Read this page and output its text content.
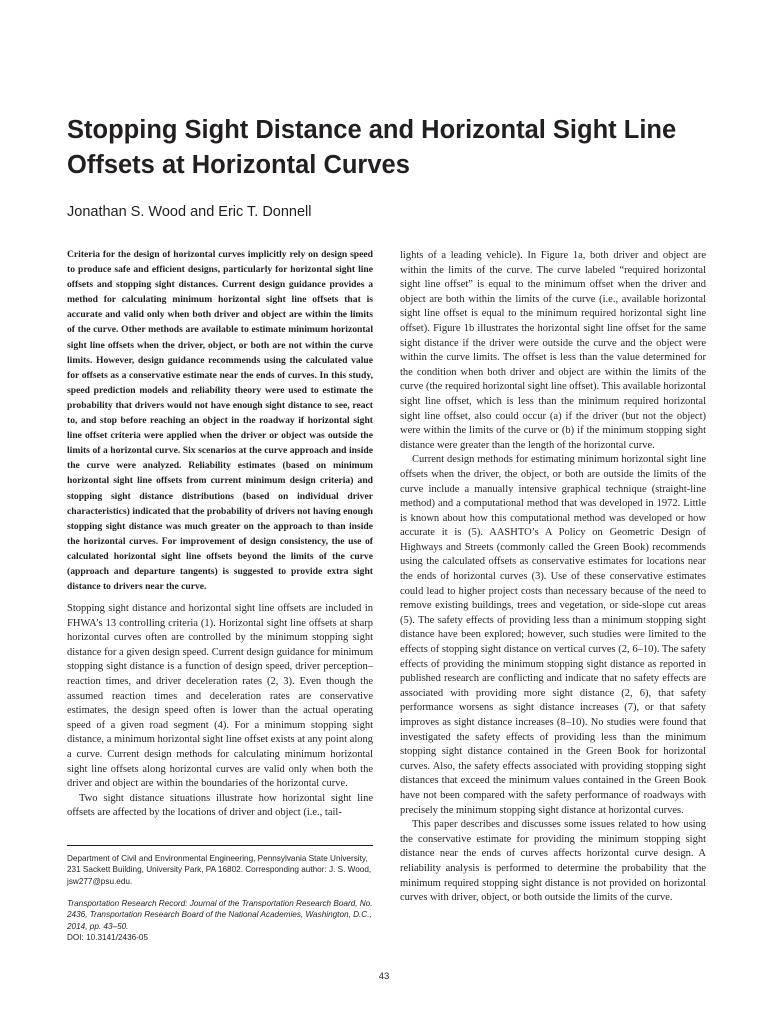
Stopping Sight Distance and Horizontal Sight Line Offsets at Horizontal Curves

Jonathan S. Wood and Eric T. Donnell

Criteria for the design of horizontal curves implicitly rely on design speed to produce safe and efficient designs, particularly for horizontal sight line offsets and stopping sight distances. Current design guidance provides a method for calculating minimum horizontal sight line offsets that is accurate and valid only when both driver and object are within the limits of the curve. Other methods are available to estimate minimum horizontal sight line offsets when the driver, object, or both are not within the curve limits. However, design guidance recommends using the calculated value for offsets as a conservative estimate near the ends of curves. In this study, speed prediction models and reliability theory were used to estimate the probability that drivers would not have enough sight distance to see, react to, and stop before reaching an object in the roadway if horizontal sight line offset criteria were applied when the driver or object was outside the limits of a horizontal curve. Six scenarios at the curve approach and inside the curve were analyzed. Reliability estimates (based on minimum horizontal sight line offsets from current minimum design criteria) and stopping sight distance distributions (based on individual driver characteristics) indicated that the probability of drivers not having enough stopping sight distance was much greater on the approach to than inside the horizontal curves. For improvement of design consistency, the use of calculated horizontal sight line offsets beyond the limits of the curve (approach and departure tangents) is suggested to provide extra sight distance to drivers near the curve.

Stopping sight distance and horizontal sight line offsets are included in FHWA’s 13 controlling criteria (1). Horizontal sight line offsets at sharp horizontal curves often are controlled by the minimum stopping sight distance for a given design speed. Current design guidance for minimum stopping sight distance is a function of design speed, driver perception–reaction times, and driver deceleration rates (2, 3). Even though the assumed reaction times and deceleration rates are conservative estimates, the design speed often is lower than the actual operating speed of a given road segment (4). For a minimum stopping sight distance, a minimum horizontal sight line offset exists at any point along a curve. Current design methods for calculating minimum horizontal sight line offsets along horizontal curves are valid only when both the driver and object are within the boundaries of the horizontal curve.

Two sight distance situations illustrate how horizontal sight line offsets are affected by the locations of driver and object (i.e., tail-

lights of a leading vehicle). In Figure 1a, both driver and object are within the limits of the curve. The curve labeled “required horizontal sight line offset” is equal to the minimum offset when the driver and object are both within the limits of the curve (i.e., available horizontal sight line offset is equal to the minimum required horizontal sight line offset). Figure 1b illustrates the horizontal sight line offset for the same sight distance if the driver were outside the curve and the object were within the curve limits. The offset is less than the value determined for the condition when both driver and object are within the limits of the curve (the required horizontal sight line offset). This available horizontal sight line offset, which is less than the minimum required horizontal sight line offset, also could occur (a) if the driver (but not the object) were within the limits of the curve or (b) if the minimum stopping sight distance were greater than the length of the horizontal curve.

Current design methods for estimating minimum horizontal sight line offsets when the driver, the object, or both are outside the limits of the curve include a manually intensive graphical technique (straight-line method) and a computational method that was developed in 1972. Little is known about how this computational method was developed or how accurate it is (5). AASHTO’s A Policy on Geometric Design of Highways and Streets (commonly called the Green Book) recommends using the calculated offsets as conservative estimates for locations near the ends of horizontal curves (3). Use of these conservative estimates could lead to higher project costs than necessary because of the need to remove existing buildings, trees and vegetation, or side-slope cut areas (5). The safety effects of providing less than a minimum stopping sight distance have been explored; however, such studies were limited to the effects of stopping sight distance on vertical curves (2, 6–10). The safety effects of providing the minimum stopping sight distance as reported in published research are conflicting and indicate that no safety effects are associated with providing more sight distance (2, 6), that safety performance worsens as sight distance increases (7), or that safety improves as sight distance increases (8–10). No studies were found that investigated the safety effects of providing less than the minimum stopping sight distance contained in the Green Book for horizontal curves. Also, the safety effects associated with providing stopping sight distances that exceed the minimum values contained in the Green Book have not been compared with the safety performance of roadways with precisely the minimum stopping sight distance at horizontal curves.

This paper describes and discusses some issues related to how using the conservative estimate for providing the minimum stopping sight distance near the ends of curves affects horizontal curve design. A reliability analysis is performed to determine the probability that the minimum required stopping sight distance is not provided on horizontal curves with driver, object, or both outside the limits of the curve.

Department of Civil and Environmental Engineering, Pennsylvania State University, 231 Sackett Building, University Park, PA 16802. Corresponding author: J. S. Wood, jsw277@psu.edu.

Transportation Research Record: Journal of the Transportation Research Board, No. 2436, Transportation Research Board of the National Academies, Washington, D.C., 2014, pp. 43–50.
DOI: 10.3141/2436-05
43
